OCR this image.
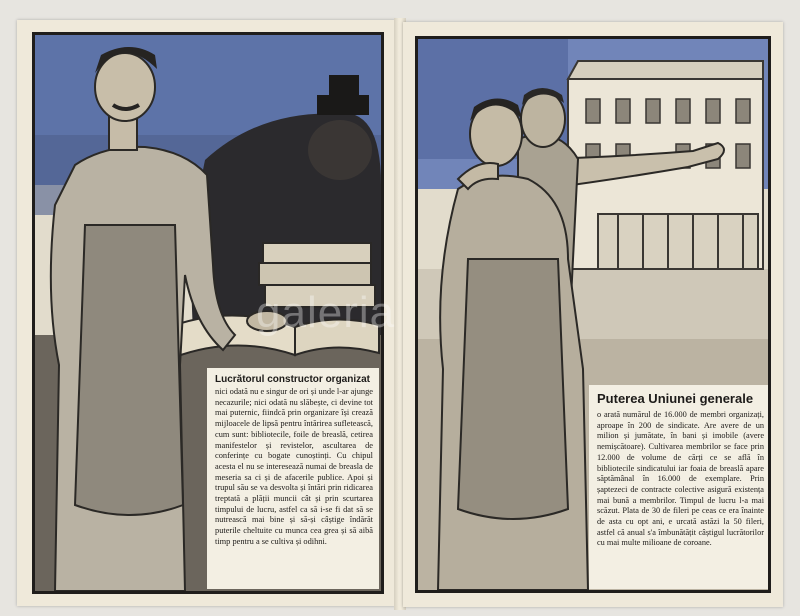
Lucrătorul constructor organizat
nici odată nu e singur de ori și unde l-ar ajunge necazurile; nici odată nu slăbește, ci devine tot mai puternic, fiindcă prin organizare își crează mijloacele de lipsă pentru întărirea sufletească, cum sunt: bibliotecile, foile de breaslă, cetirea manifestelor și revistelor, ascultarea de conferințe cu bogate cunoștinți. Cu chipul acesta el nu se interesează numai de breasla de meseria sa ci și de afacerile publice. Apoi și trupul său se va desvolta și întări prin ridicarea treptată a plății muncii cât și prin scurtarea timpului de lucru, astfel ca să i-se fi dat să se nutrească mai bine și să-și câștige îndărăt puterile cheltuite cu munca cea grea și să aibă timp pentru a se cultiva și odihni.
Puterea Uniunei generale
o arată numărul de 16.000 de membri organizați, aproape în 200 de sindicate. Are avere de un milion și jumătate, în bani și imobile (avere nemișcătoare). Cultivarea membrilor se face prin 12.000 de volume de cărți ce se află în bibliotecile sindicatului iar foaia de breaslă apare săptămânal în 16.000 de exemplare. Prin șaptezeci de contracte colective asigură existența mai bună a membrilor. Timpul de lucru l-a mai scăzut. Plata de 30 de fileri pe ceas ce era înainte de asta cu opt ani, e urcată astăzi la 50 fileri, astfel că anual s'a îmbunătățit câștigul lucrătorilor cu mai multe milioane de coroane.
galeria
